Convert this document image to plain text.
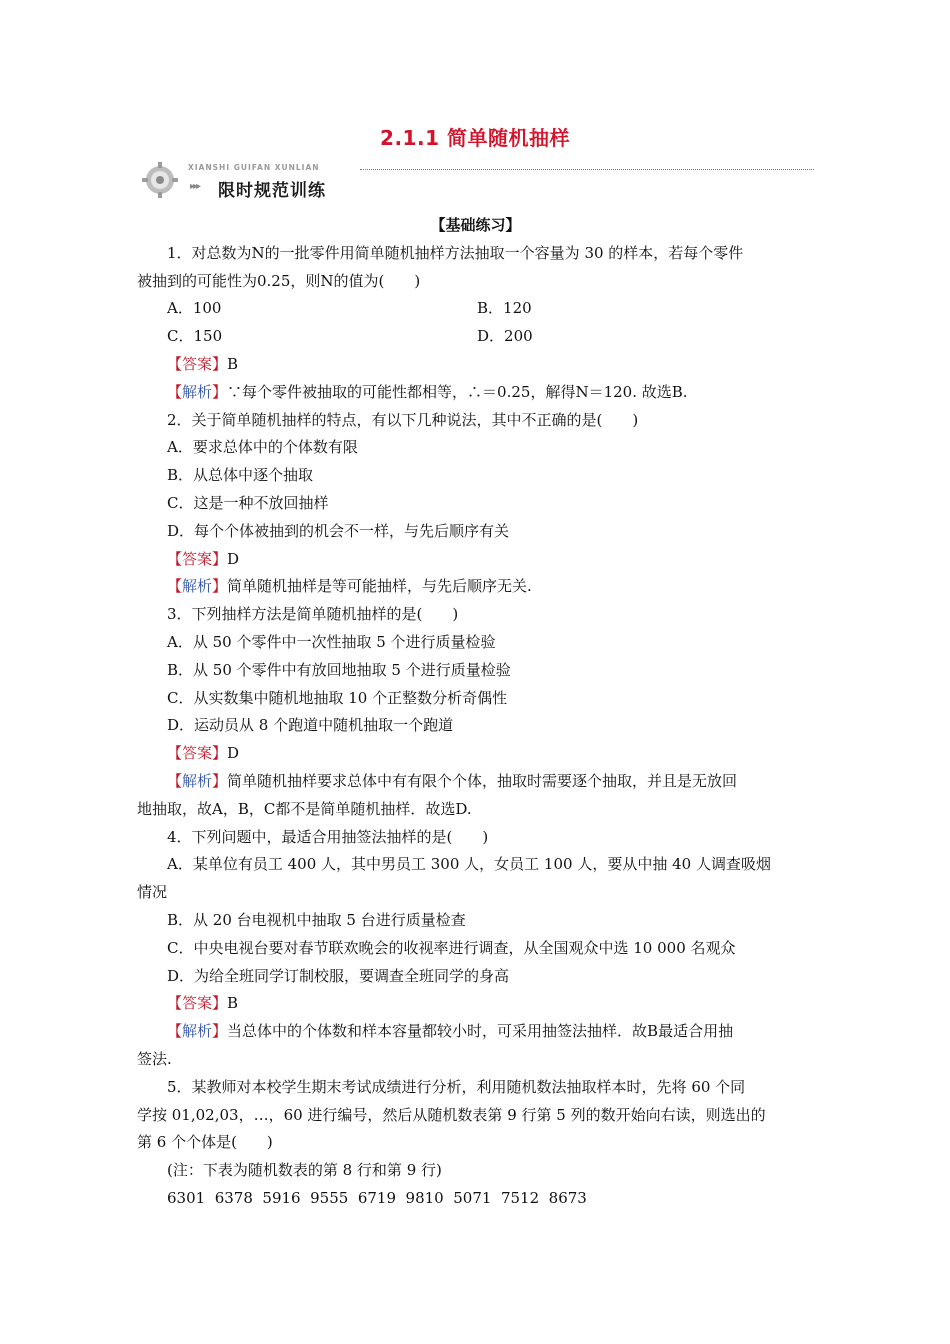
2.1.1 简单随机抽样
XIANSHI GUIFAN XUNLIAN
▸▸▸ 限时规范训练
【基础练习】

1．对总数为N的一批零件用简单随机抽样方法抽取一个容量为 30 的样本，若每个零件

被抽到的可能性为0.25，则N的值为(　　)

A．100	B．120
C．150	D．200

【答案】B

【解析】∵每个零件被抽取的可能性都相等，∴＝0.25，解得N＝120. 故选B.

2．关于简单随机抽样的特点，有以下几种说法，其中不正确的是(　　)

A．要求总体中的个体数有限

B．从总体中逐个抽取

C．这是一种不放回抽样

D．每个个体被抽到的机会不一样，与先后顺序有关

【答案】D

【解析】简单随机抽样是等可能抽样，与先后顺序无关.

3．下列抽样方法是简单随机抽样的是(　　)

A．从 50 个零件中一次性抽取 5 个进行质量检验

B．从 50 个零件中有放回地抽取 5 个进行质量检验

C．从实数集中随机地抽取 10 个正整数分析奇偶性

D．运动员从 8 个跑道中随机抽取一个跑道

【答案】D

【解析】简单随机抽样要求总体中有有限个个体，抽取时需要逐个抽取，并且是无放回

地抽取，故A，B，C都不是简单随机抽样．故选D.

4．下列问题中，最适合用抽签法抽样的是(　　)

A．某单位有员工 400 人，其中男员工 300 人，女员工 100 人，要从中抽 40 人调查吸烟

情况

B．从 20 台电视机中抽取 5 台进行质量检查

C．中央电视台要对春节联欢晚会的收视率进行调查，从全国观众中选 10 000 名观众

D．为给全班同学订制校服，要调查全班同学的身高

【答案】B

【解析】当总体中的个体数和样本容量都较小时，可采用抽签法抽样．故B最适合用抽

签法.

5．某教师对本校学生期末考试成绩进行分析，利用随机数法抽取样本时，先将 60 个同

学按 01,02,03，…，60 进行编号，然后从随机数表第 9 行第 5 列的数开始向右读，则选出的

第 6 个个体是(　　)

(注：下表为随机数表的第 8 行和第 9 行)

6301  6378  5916  9555  6719  9810  5071  7512  8673
